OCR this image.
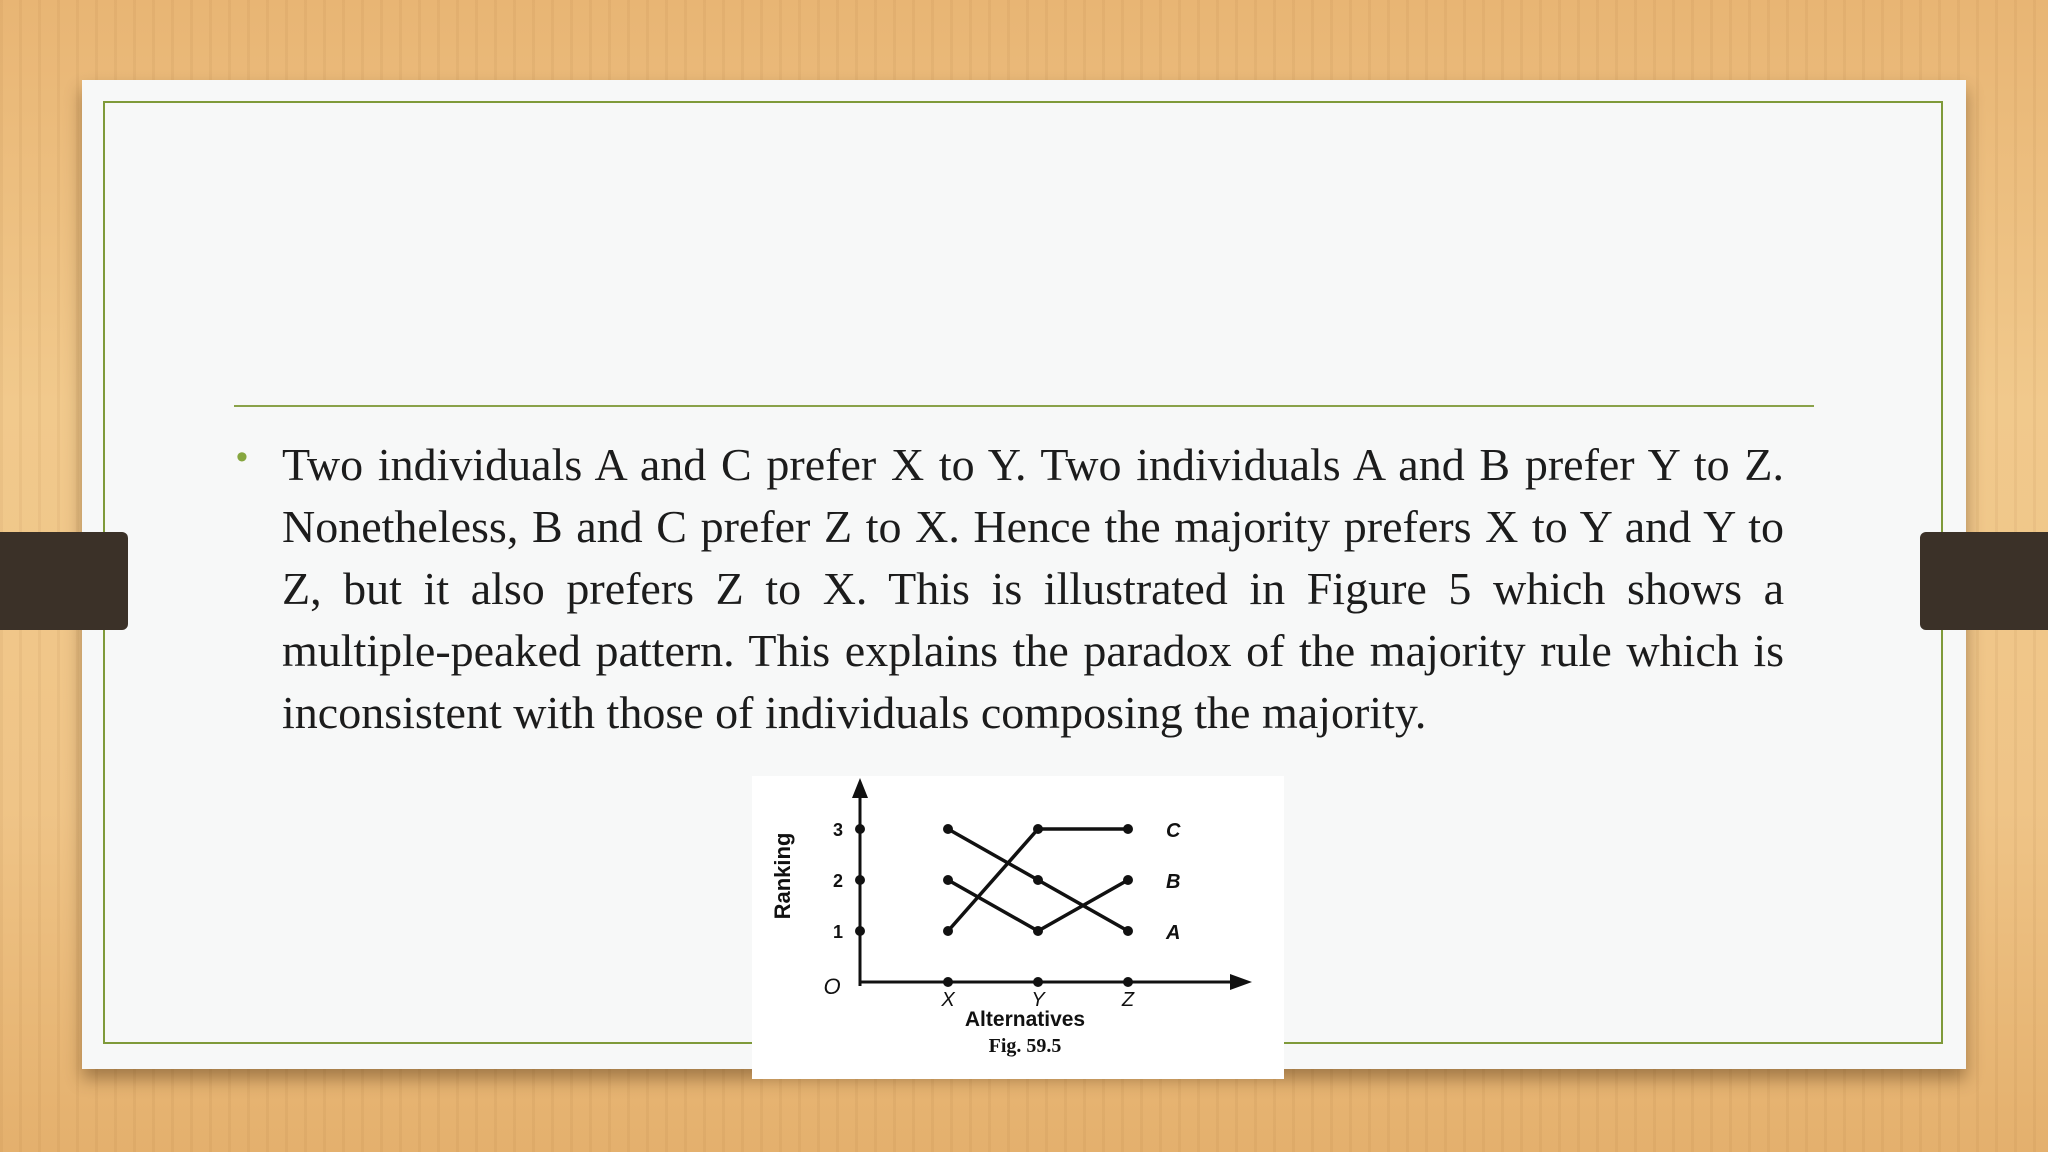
• Two individuals A and C prefer X to Y. Two individuals A and B prefer Y to Z. Nonetheless, B and C prefer Z to X. Hence the majority prefers X to Y and Y to Z, but it also prefers Z to X. This is illustrated in Figure 5 which shows a multiple-peaked pattern. This explains the paradox of the majority rule which is inconsistent with those of individuals composing the majority.
A
B
C
1
2
3
X	Y	Z
Ranking
O
Alternatives
Fig. 59.5
